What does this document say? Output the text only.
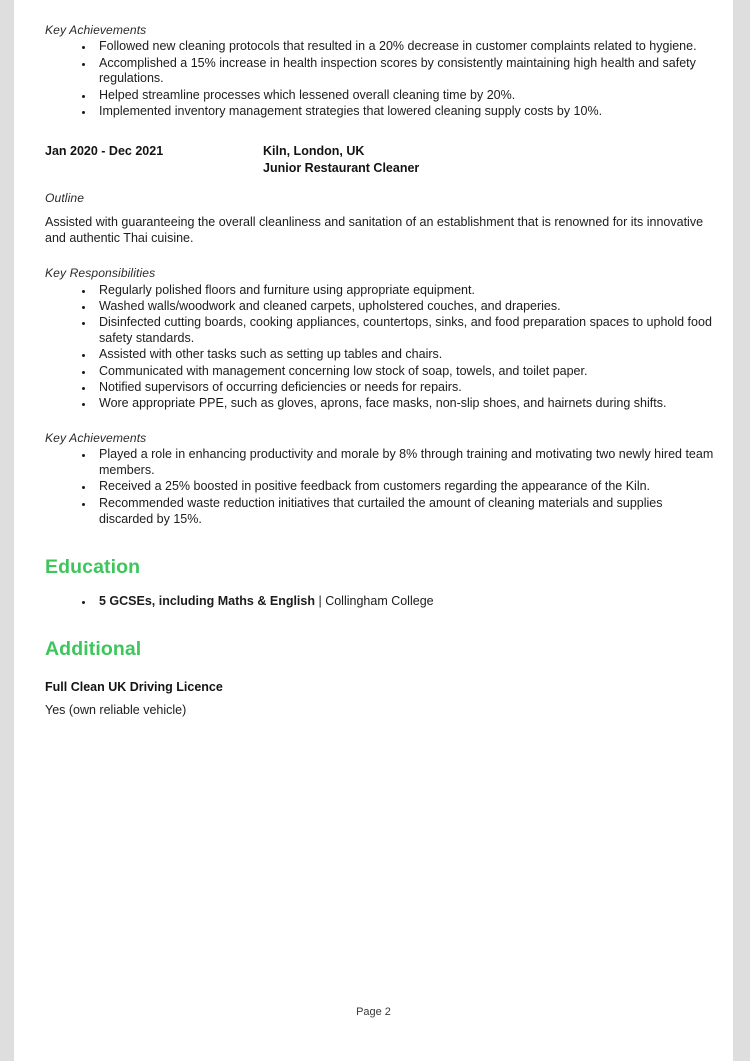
Key Achievements
Followed new cleaning protocols that resulted in a 20% decrease in customer complaints related to hygiene.
Accomplished a 15% increase in health inspection scores by consistently maintaining high health and safety regulations.
Helped streamline processes which lessened overall cleaning time by 20%.
Implemented inventory management strategies that lowered cleaning supply costs by 10%.
Jan 2020 - Dec 2021	Kiln, London, UK
Junior Restaurant Cleaner
Outline

Assisted with guaranteeing the overall cleanliness and sanitation of an establishment that is renowned for its innovative and authentic Thai cuisine.

Key Responsibilities
Regularly polished floors and furniture using appropriate equipment.
Washed walls/woodwork and cleaned carpets, upholstered couches, and draperies.
Disinfected cutting boards, cooking appliances, countertops, sinks, and food preparation spaces to uphold food safety standards.
Assisted with other tasks such as setting up tables and chairs.
Communicated with management concerning low stock of soap, towels, and toilet paper.
Notified supervisors of occurring deficiencies or needs for repairs.
Wore appropriate PPE, such as gloves, aprons, face masks, non-slip shoes, and hairnets during shifts.
Key Achievements
Played a role in enhancing productivity and morale by 8% through training and motivating two newly hired team members.
Received a 25% boosted in positive feedback from customers regarding the appearance of the Kiln.
Recommended waste reduction initiatives that curtailed the amount of cleaning materials and supplies discarded by 15%.
Education
5 GCSEs, including Maths & English | Collingham College
Additional
Full Clean UK Driving Licence
Yes (own reliable vehicle)
Page 2
